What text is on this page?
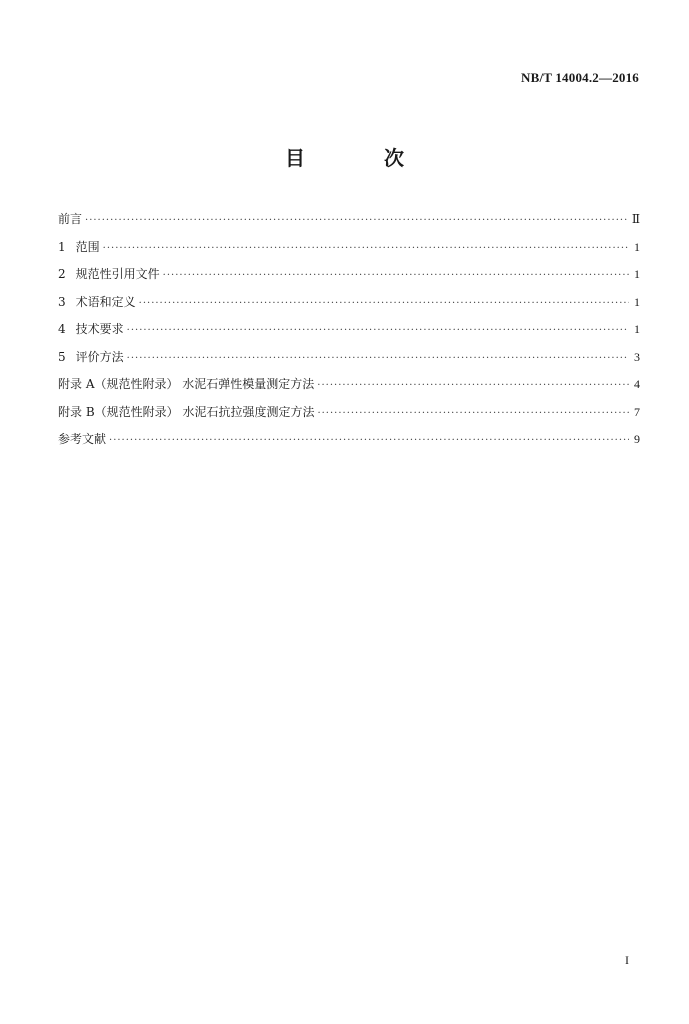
NB/T 14004.2—2016
目 次
前言 ·····	Ⅱ
1 范围 ·····	1
2 规范性引用文件 ·····	1
3 术语和定义 ·····	1
4 技术要求 ·····	1
5 评价方法 ·····	3
附录 A（规范性附录） 水泥石弹性模量测定方法 ·····	4
附录 B（规范性附录） 水泥石抗拉强度测定方法 ·····	7
参考文献 ·····	9
I
